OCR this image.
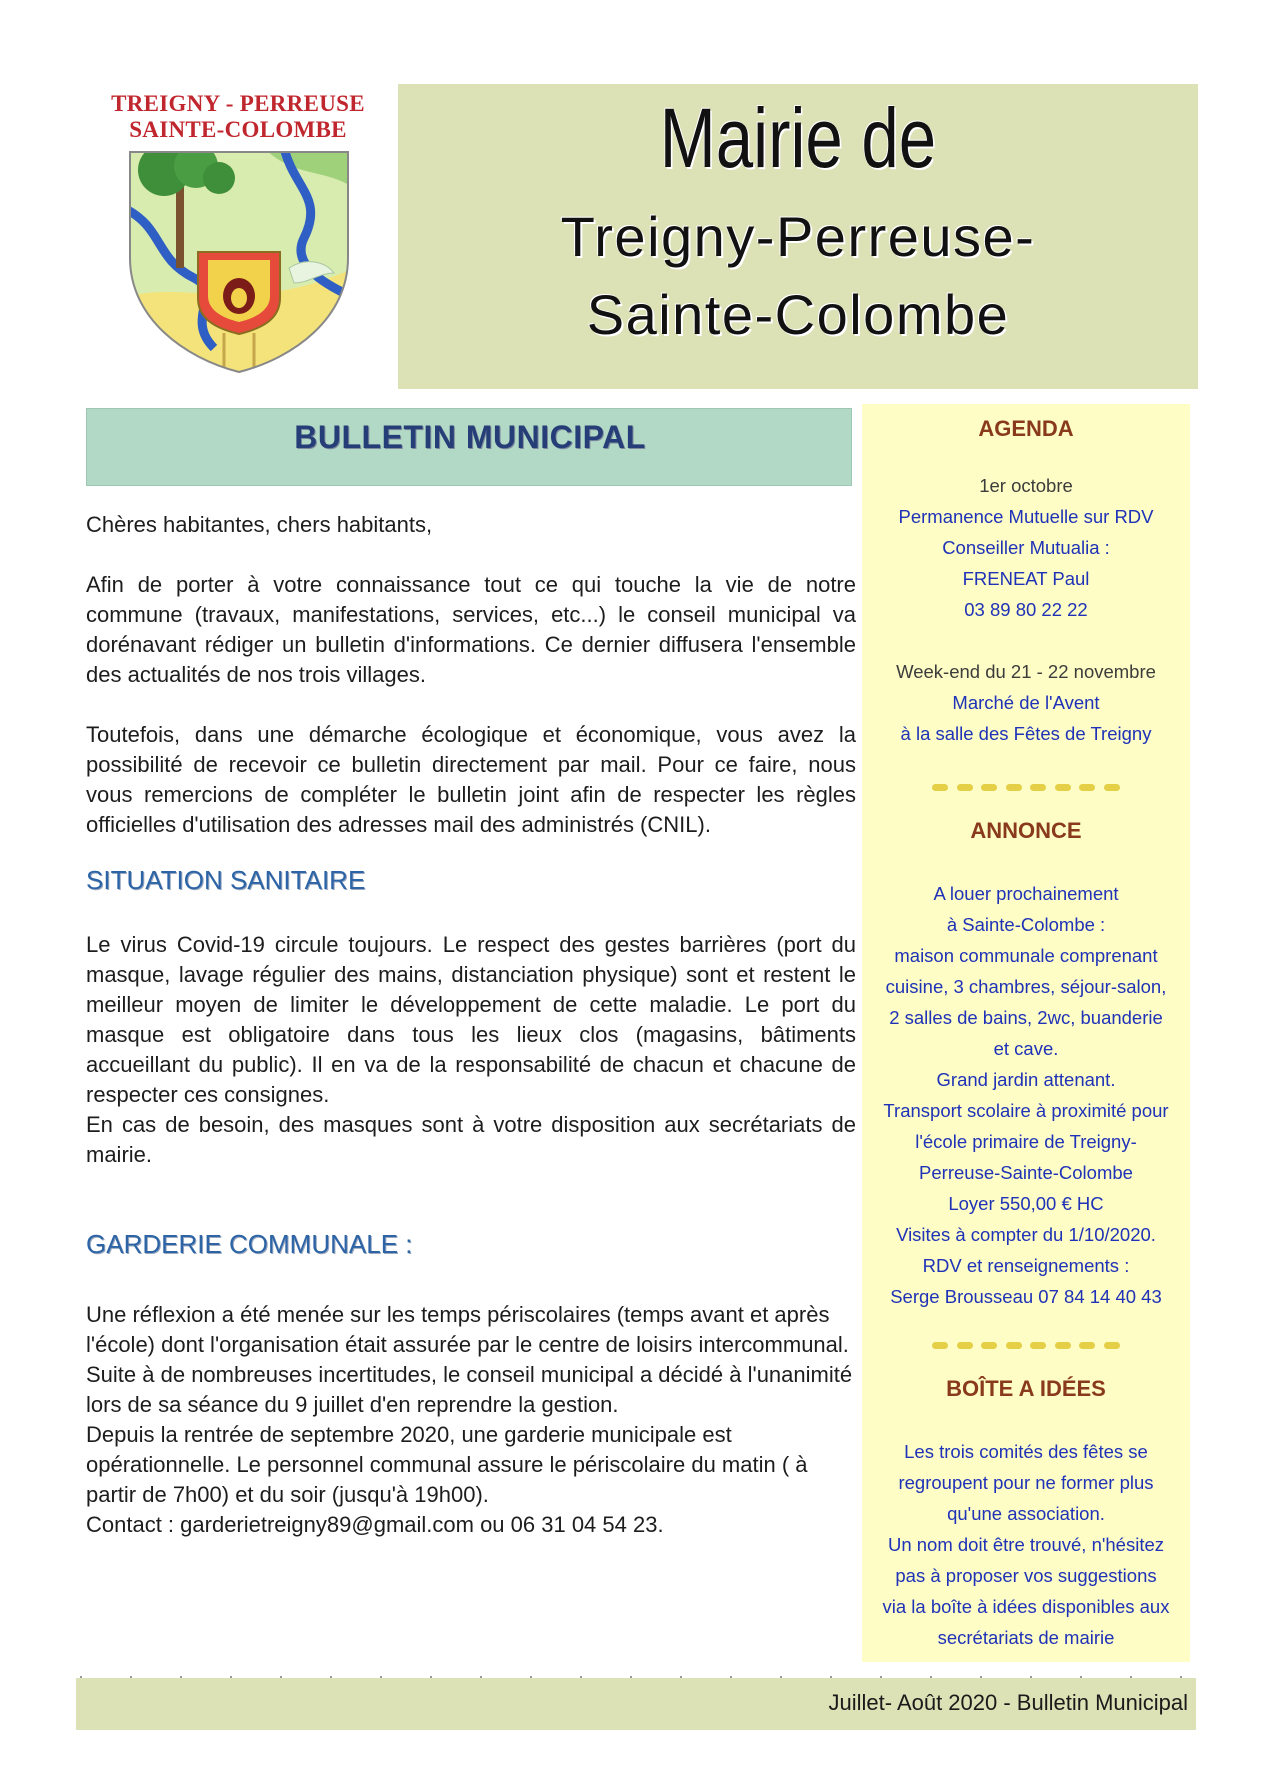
TREIGNY - PERREUSE
SAINTE-COLOMBE	Mairie de
Treigny-Perreuse-
Sainte-Colombe
BULLETIN MUNICIPAL

Chères habitantes, chers habitants,

Afin de porter à votre connaissance tout ce qui touche la vie de notre commune (travaux, manifestations, services, etc...) le conseil municipal va dorénavant rédiger un bulletin d'informations. Ce dernier diffusera l'ensemble des actualités de nos trois villages.

Toutefois, dans une démarche écologique et économique, vous avez la possibilité de recevoir ce bulletin directement par mail. Pour ce faire, nous vous remercions de compléter le bulletin joint afin de respecter les règles officielles d'utilisation des adresses mail des administrés (CNIL).

SITUATION SANITAIRE

Le virus Covid-19 circule toujours. Le respect des gestes barrières (port du masque, lavage régulier des mains, distanciation physique) sont et restent le meilleur moyen de limiter le développement de cette maladie. Le port du masque est obligatoire dans tous les lieux clos (magasins, bâtiments accueillant du public). Il en va de la responsabilité de chacun et chacune de respecter ces consignes.

En cas de besoin, des masques sont à votre disposition aux secrétariats de mairie.

GARDERIE COMMUNALE :

Une réflexion a été menée sur les temps périscolaires (temps avant et après l'école) dont l'organisation était assurée par le centre de loisirs intercommunal. Suite à de nombreuses incertitudes, le conseil municipal a décidé à l'unanimité lors de sa séance du 9 juillet d'en reprendre la gestion.

Depuis la rentrée de septembre 2020, une garderie municipale est opérationnelle. Le personnel communal assure le périscolaire du matin ( à partir de 7h00) et du soir (jusqu'à 19h00).

Contact : garderietreigny89@gmail.com ou 06 31 04 54 23.

AGENDA
1er octobre
Permanence Mutuelle sur RDV
Conseiller Mutualia :
FRENEAT Paul
03 89 80 22 22
Week-end du 21 - 22 novembre
Marché de l'Avent
à la salle des Fêtes de Treigny
ANNONCE
A louer prochainement
à Sainte-Colombe :
maison communale comprenant
cuisine, 3 chambres, séjour-salon,
2 salles de bains, 2wc, buanderie
et cave.
Grand jardin attenant.
Transport scolaire à proximité pour
l'école primaire de Treigny-
Perreuse-Sainte-Colombe
Loyer 550,00 € HC
Visites à compter du 1/10/2020.
RDV et renseignements :
Serge Brousseau 07 84 14 40 43
BOÎTE A IDÉES
Les trois comités des fêtes se
regroupent pour ne former plus
qu'une association.
Un nom doit être trouvé, n'hésitez
pas à proposer vos suggestions
via la boîte à idées disponibles aux
secrétariats de mairie
Juillet- Août 2020 - Bulletin Municipal
